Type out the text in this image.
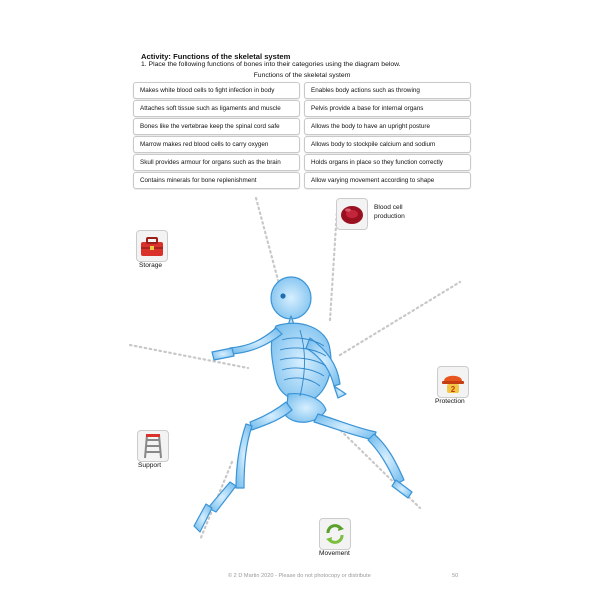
Activity: Functions of the skeletal system
1. Place the following functions of bones into their categories using the diagram below.
Functions of the skeletal system
Makes white blood cells to fight infection in body	Enables body actions such as throwing
Attaches soft tissue such as ligaments and muscle	Pelvis provide a base for internal organs
Bones like the vertebrae keep the spinal cord safe	Allows the body to have an upright posture
Marrow makes red blood cells to carry oxygen	Allows body to stockpile calcium and sodium
Skull provides armour for organs such as the brain	Holds organs in place so they function correctly
Contains minerals for bone replenishment	Allow varying movement according to shape
Storage
Blood cell production
2
Protection
Support
Movement
© 2 D Martin 2020 - Please do not photocopy or distribute	50
